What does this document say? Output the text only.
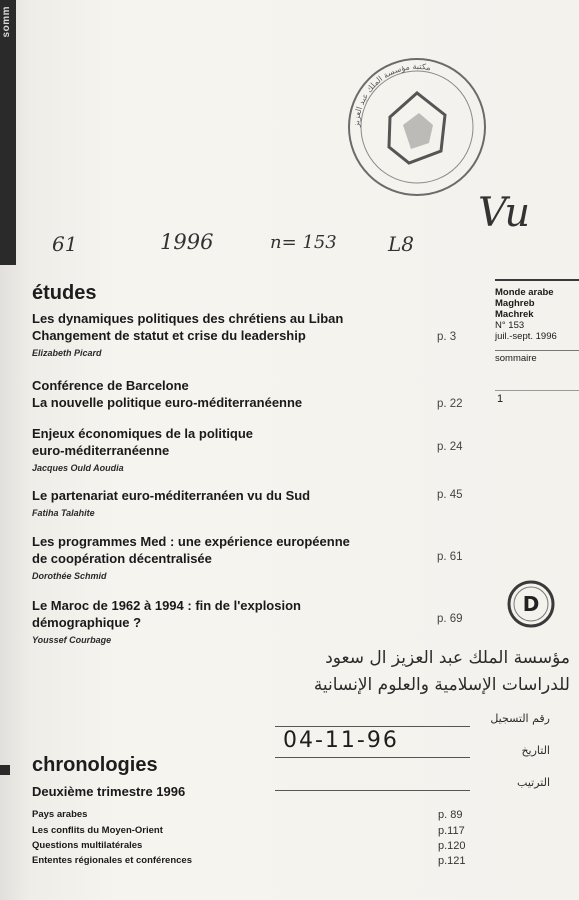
somm
مكتبة مؤسسة الملك عبد العزيز
61	1996	n= 153	L8
Vu
Monde arabe
Maghreb
Machrek
N° 153
juil.-sept. 1996
sommaire
1
études
Les dynamiques politiques des chrétiens au Liban
Changement de statut et crise du leadership
Elizabeth Picard
p. 3
Conférence de Barcelone
La nouvelle politique euro-méditerranéenne	p. 22
Enjeux économiques de la politique
euro-méditerranéenne
Jacques Ould Aoudia
p. 24
Le partenariat euro-méditerranéen vu du Sud
Fatiha Talahite
p. 45
Les programmes Med : une expérience européenne
de coopération décentralisée
Dorothée Schmid
p. 61
Le Maroc de 1962 à 1994 : fin de l'explosion
démographique ?
Youssef Courbage
p. 69
D
مؤسسة الملك عبد العزيز ال سعود
للدراسات الإسلامية والعلوم الإنسانية
رقم التسجيل
04-11-96	التاريخ
الترتيب
chronologies
Deuxième trimestre 1996
Pays arabes	p. 89
Les conflits du Moyen-Orient	p.117
Questions multilatérales	p.120
Ententes régionales et conférences	p.121
